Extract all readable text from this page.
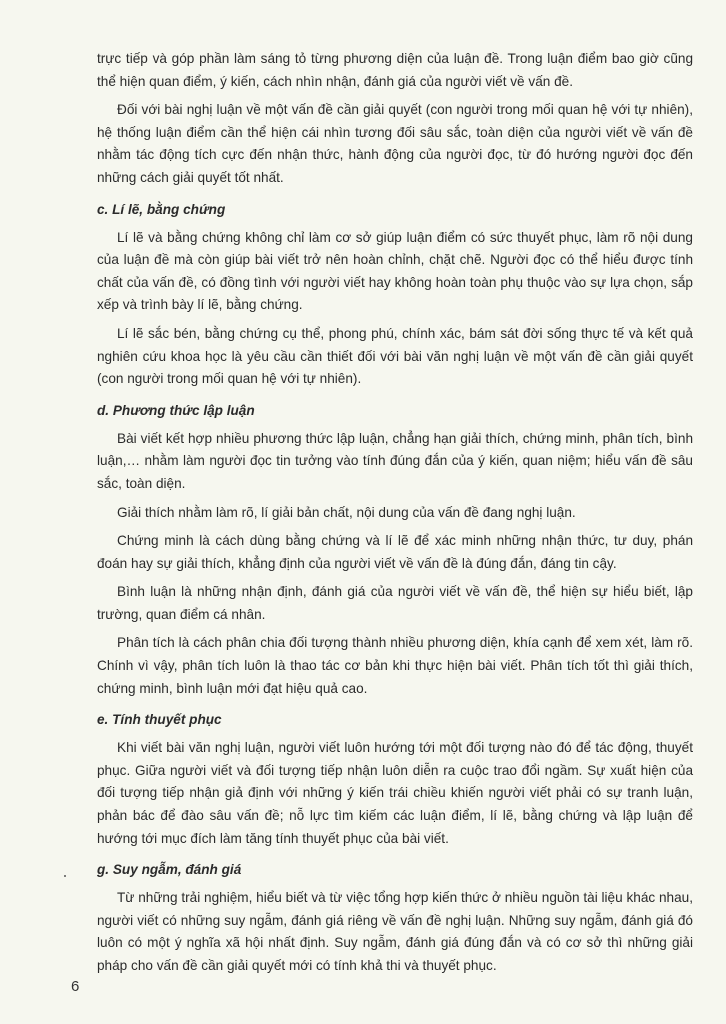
trực tiếp và góp phần làm sáng tỏ từng phương diện của luận đề. Trong luận điểm bao giờ cũng thể hiện quan điểm, ý kiến, cách nhìn nhận, đánh giá của người viết về vấn đề.

Đối với bài nghị luận về một vấn đề cần giải quyết (con người trong mối quan hệ với tự nhiên), hệ thống luận điểm cần thể hiện cái nhìn tương đối sâu sắc, toàn diện của người viết về vấn đề nhằm tác động tích cực đến nhận thức, hành động của người đọc, từ đó hướng người đọc đến những cách giải quyết tốt nhất.

c. Lí lẽ, bằng chứng

Lí lẽ và bằng chứng không chỉ làm cơ sở giúp luận điểm có sức thuyết phục, làm rõ nội dung của luận đề mà còn giúp bài viết trở nên hoàn chỉnh, chặt chẽ. Người đọc có thể hiểu được tính chất của vấn đề, có đồng tình với người viết hay không hoàn toàn phụ thuộc vào sự lựa chọn, sắp xếp và trình bày lí lẽ, bằng chứng.

Lí lẽ sắc bén, bằng chứng cụ thể, phong phú, chính xác, bám sát đời sống thực tế và kết quả nghiên cứu khoa học là yêu cầu cần thiết đối với bài văn nghị luận về một vấn đề cần giải quyết (con người trong mối quan hệ với tự nhiên).

d. Phương thức lập luận

Bài viết kết hợp nhiều phương thức lập luận, chẳng hạn giải thích, chứng minh, phân tích, bình luận,… nhằm làm người đọc tin tưởng vào tính đúng đắn của ý kiến, quan niệm; hiểu vấn đề sâu sắc, toàn diện.

Giải thích nhằm làm rõ, lí giải bản chất, nội dung của vấn đề đang nghị luận.

Chứng minh là cách dùng bằng chứng và lí lẽ để xác minh những nhận thức, tư duy, phán đoán hay sự giải thích, khẳng định của người viết về vấn đề là đúng đắn, đáng tin cậy.

Bình luận là những nhận định, đánh giá của người viết về vấn đề, thể hiện sự hiểu biết, lập trường, quan điểm cá nhân.

Phân tích là cách phân chia đối tượng thành nhiều phương diện, khía cạnh để xem xét, làm rõ. Chính vì vậy, phân tích luôn là thao tác cơ bản khi thực hiện bài viết. Phân tích tốt thì giải thích, chứng minh, bình luận mới đạt hiệu quả cao.

e. Tính thuyết phục

Khi viết bài văn nghị luận, người viết luôn hướng tới một đối tượng nào đó để tác động, thuyết phục. Giữa người viết và đối tượng tiếp nhận luôn diễn ra cuộc trao đổi ngầm. Sự xuất hiện của đối tượng tiếp nhận giả định với những ý kiến trái chiều khiến người viết phải có sự tranh luận, phản bác để đào sâu vấn đề; nỗ lực tìm kiếm các luận điểm, lí lẽ, bằng chứng và lập luận để hướng tới mục đích làm tăng tính thuyết phục của bài viết.

g. Suy ngẫm, đánh giá

Từ những trải nghiệm, hiểu biết và từ việc tổng hợp kiến thức ở nhiều nguồn tài liệu khác nhau, người viết có những suy ngẫm, đánh giá riêng về vấn đề nghị luận. Những suy ngẫm, đánh giá đó luôn có một ý nghĩa xã hội nhất định. Suy ngẫm, đánh giá đúng đắn và có cơ sở thì những giải pháp cho vấn đề cần giải quyết mới có tính khả thi và thuyết phục.

6
